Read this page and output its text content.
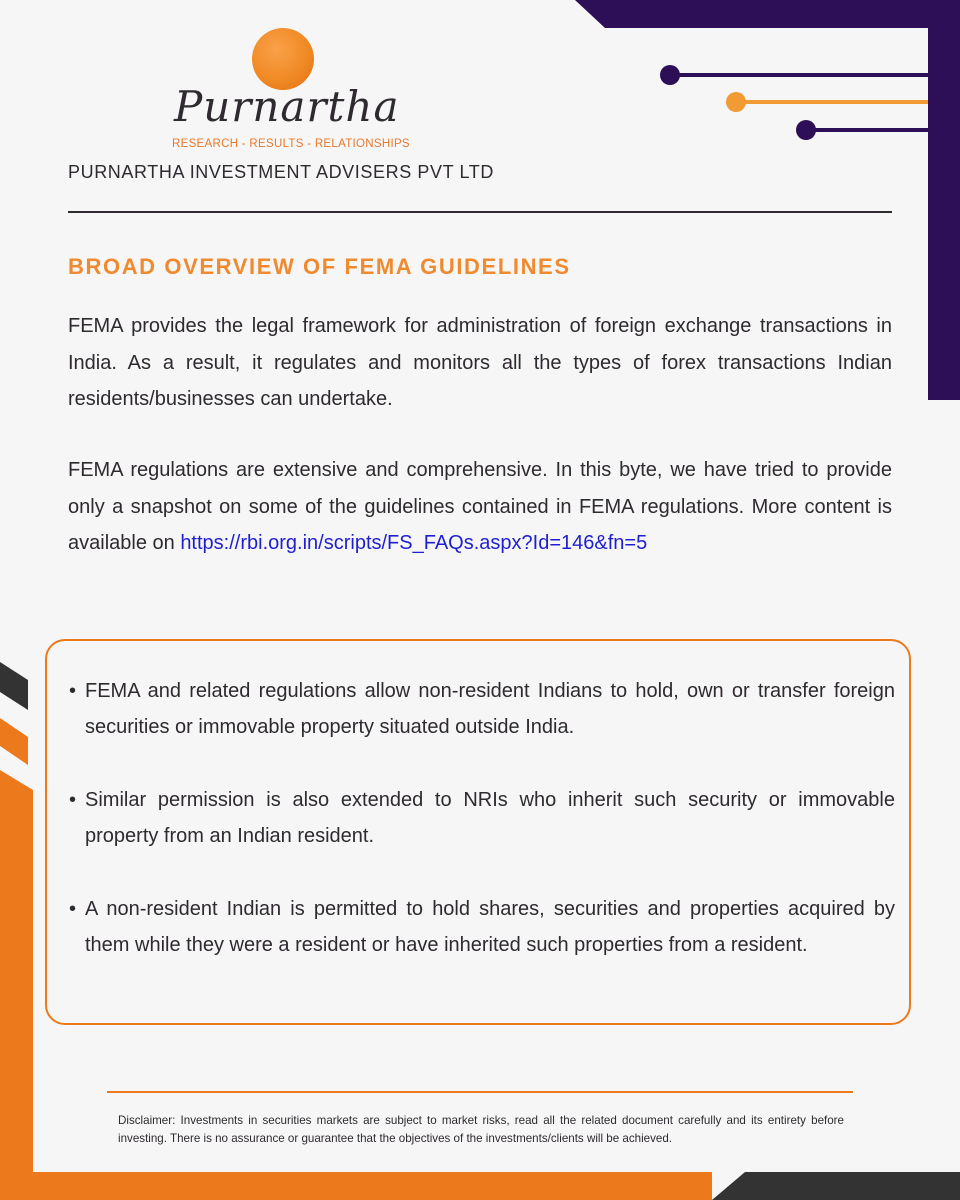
Purnartha
RESEARCH - RESULTS - RELATIONSHIPS
PURNARTHA INVESTMENT ADVISERS PVT LTD
BROAD OVERVIEW OF FEMA GUIDELINES

FEMA provides the legal framework for administration of foreign exchange transactions in India. As a result, it regulates and monitors all the types of forex transactions Indian residents/businesses can undertake.

FEMA regulations are extensive and comprehensive. In this byte, we have tried to provide only a snapshot on some of the guidelines contained in FEMA regulations. More content is available on https://rbi.org.in/scripts/FS_FAQs.aspx?Id=146&fn=5

• FEMA and related regulations allow non-resident Indians to hold, own or transfer foreign securities or immovable property situated outside India.
• Similar permission is also extended to NRIs who inherit such security or immovable property from an Indian resident.
• A non-resident Indian is permitted to hold shares, securities and properties acquired by them while they were a resident or have inherited such properties from a resident.
Disclaimer: Investments in securities markets are subject to market risks, read all the related document carefully and its entirety before investing. There is no assurance or guarantee that the objectives of the investments/clients will be achieved.
